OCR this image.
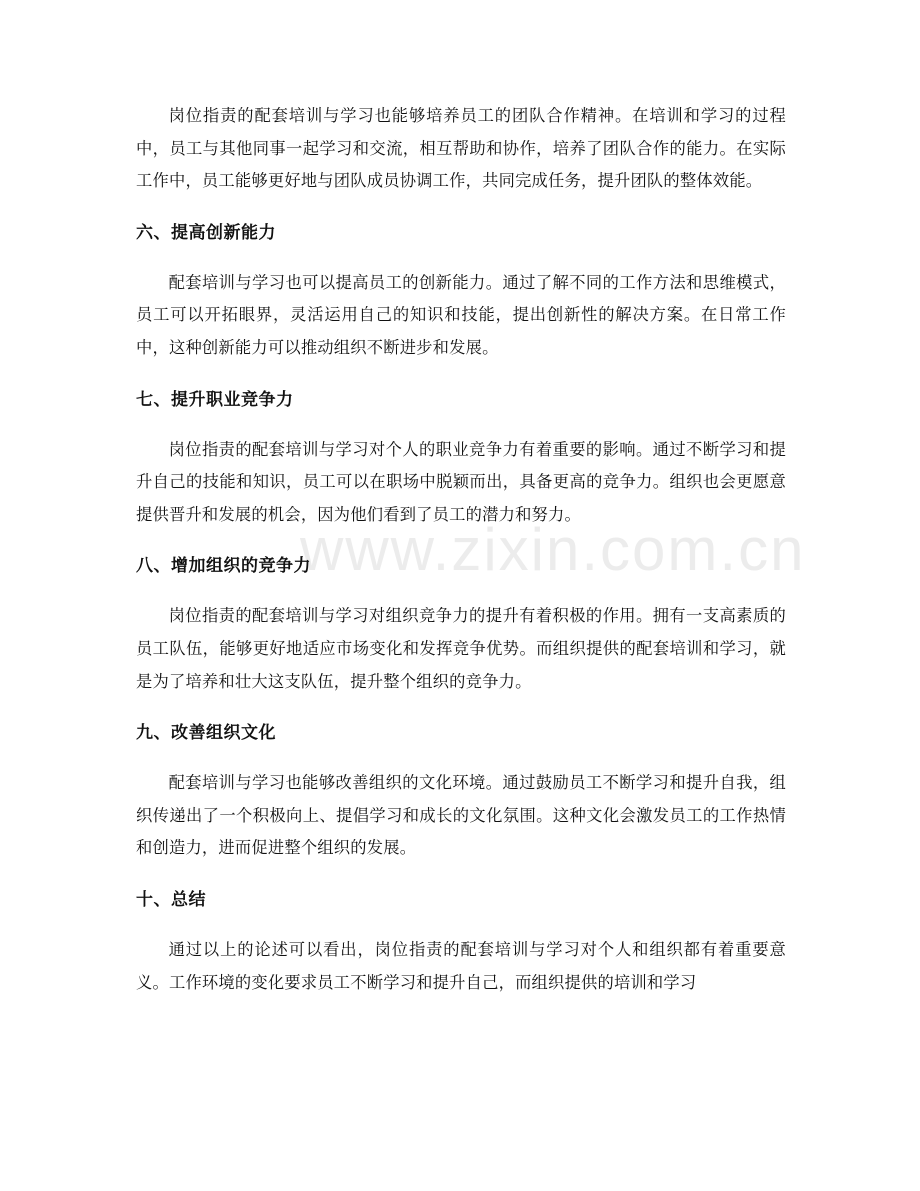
www.zixin.com.cn

岗位指责的配套培训与学习也能够培养员工的团队合作精神。在培训和学习的过程中，员工与其他同事一起学习和交流，相互帮助和协作，培养了团队合作的能力。在实际工作中，员工能够更好地与团队成员协调工作，共同完成任务，提升团队的整体效能。

六、提高创新能力

配套培训与学习也可以提高员工的创新能力。通过了解不同的工作方法和思维模式，员工可以开拓眼界，灵活运用自己的知识和技能，提出创新性的解决方案。在日常工作中，这种创新能力可以推动组织不断进步和发展。

七、提升职业竞争力

岗位指责的配套培训与学习对个人的职业竞争力有着重要的影响。通过不断学习和提升自己的技能和知识，员工可以在职场中脱颖而出，具备更高的竞争力。组织也会更愿意提供晋升和发展的机会，因为他们看到了员工的潜力和努力。

八、增加组织的竞争力

岗位指责的配套培训与学习对组织竞争力的提升有着积极的作用。拥有一支高素质的员工队伍，能够更好地适应市场变化和发挥竞争优势。而组织提供的配套培训和学习，就是为了培养和壮大这支队伍，提升整个组织的竞争力。

九、改善组织文化

配套培训与学习也能够改善组织的文化环境。通过鼓励员工不断学习和提升自我，组织传递出了一个积极向上、提倡学习和成长的文化氛围。这种文化会激发员工的工作热情和创造力，进而促进整个组织的发展。

十、总结

通过以上的论述可以看出，岗位指责的配套培训与学习对个人和组织都有着重要意义。工作环境的变化要求员工不断学习和提升自己，而组织提供的培训和学习
